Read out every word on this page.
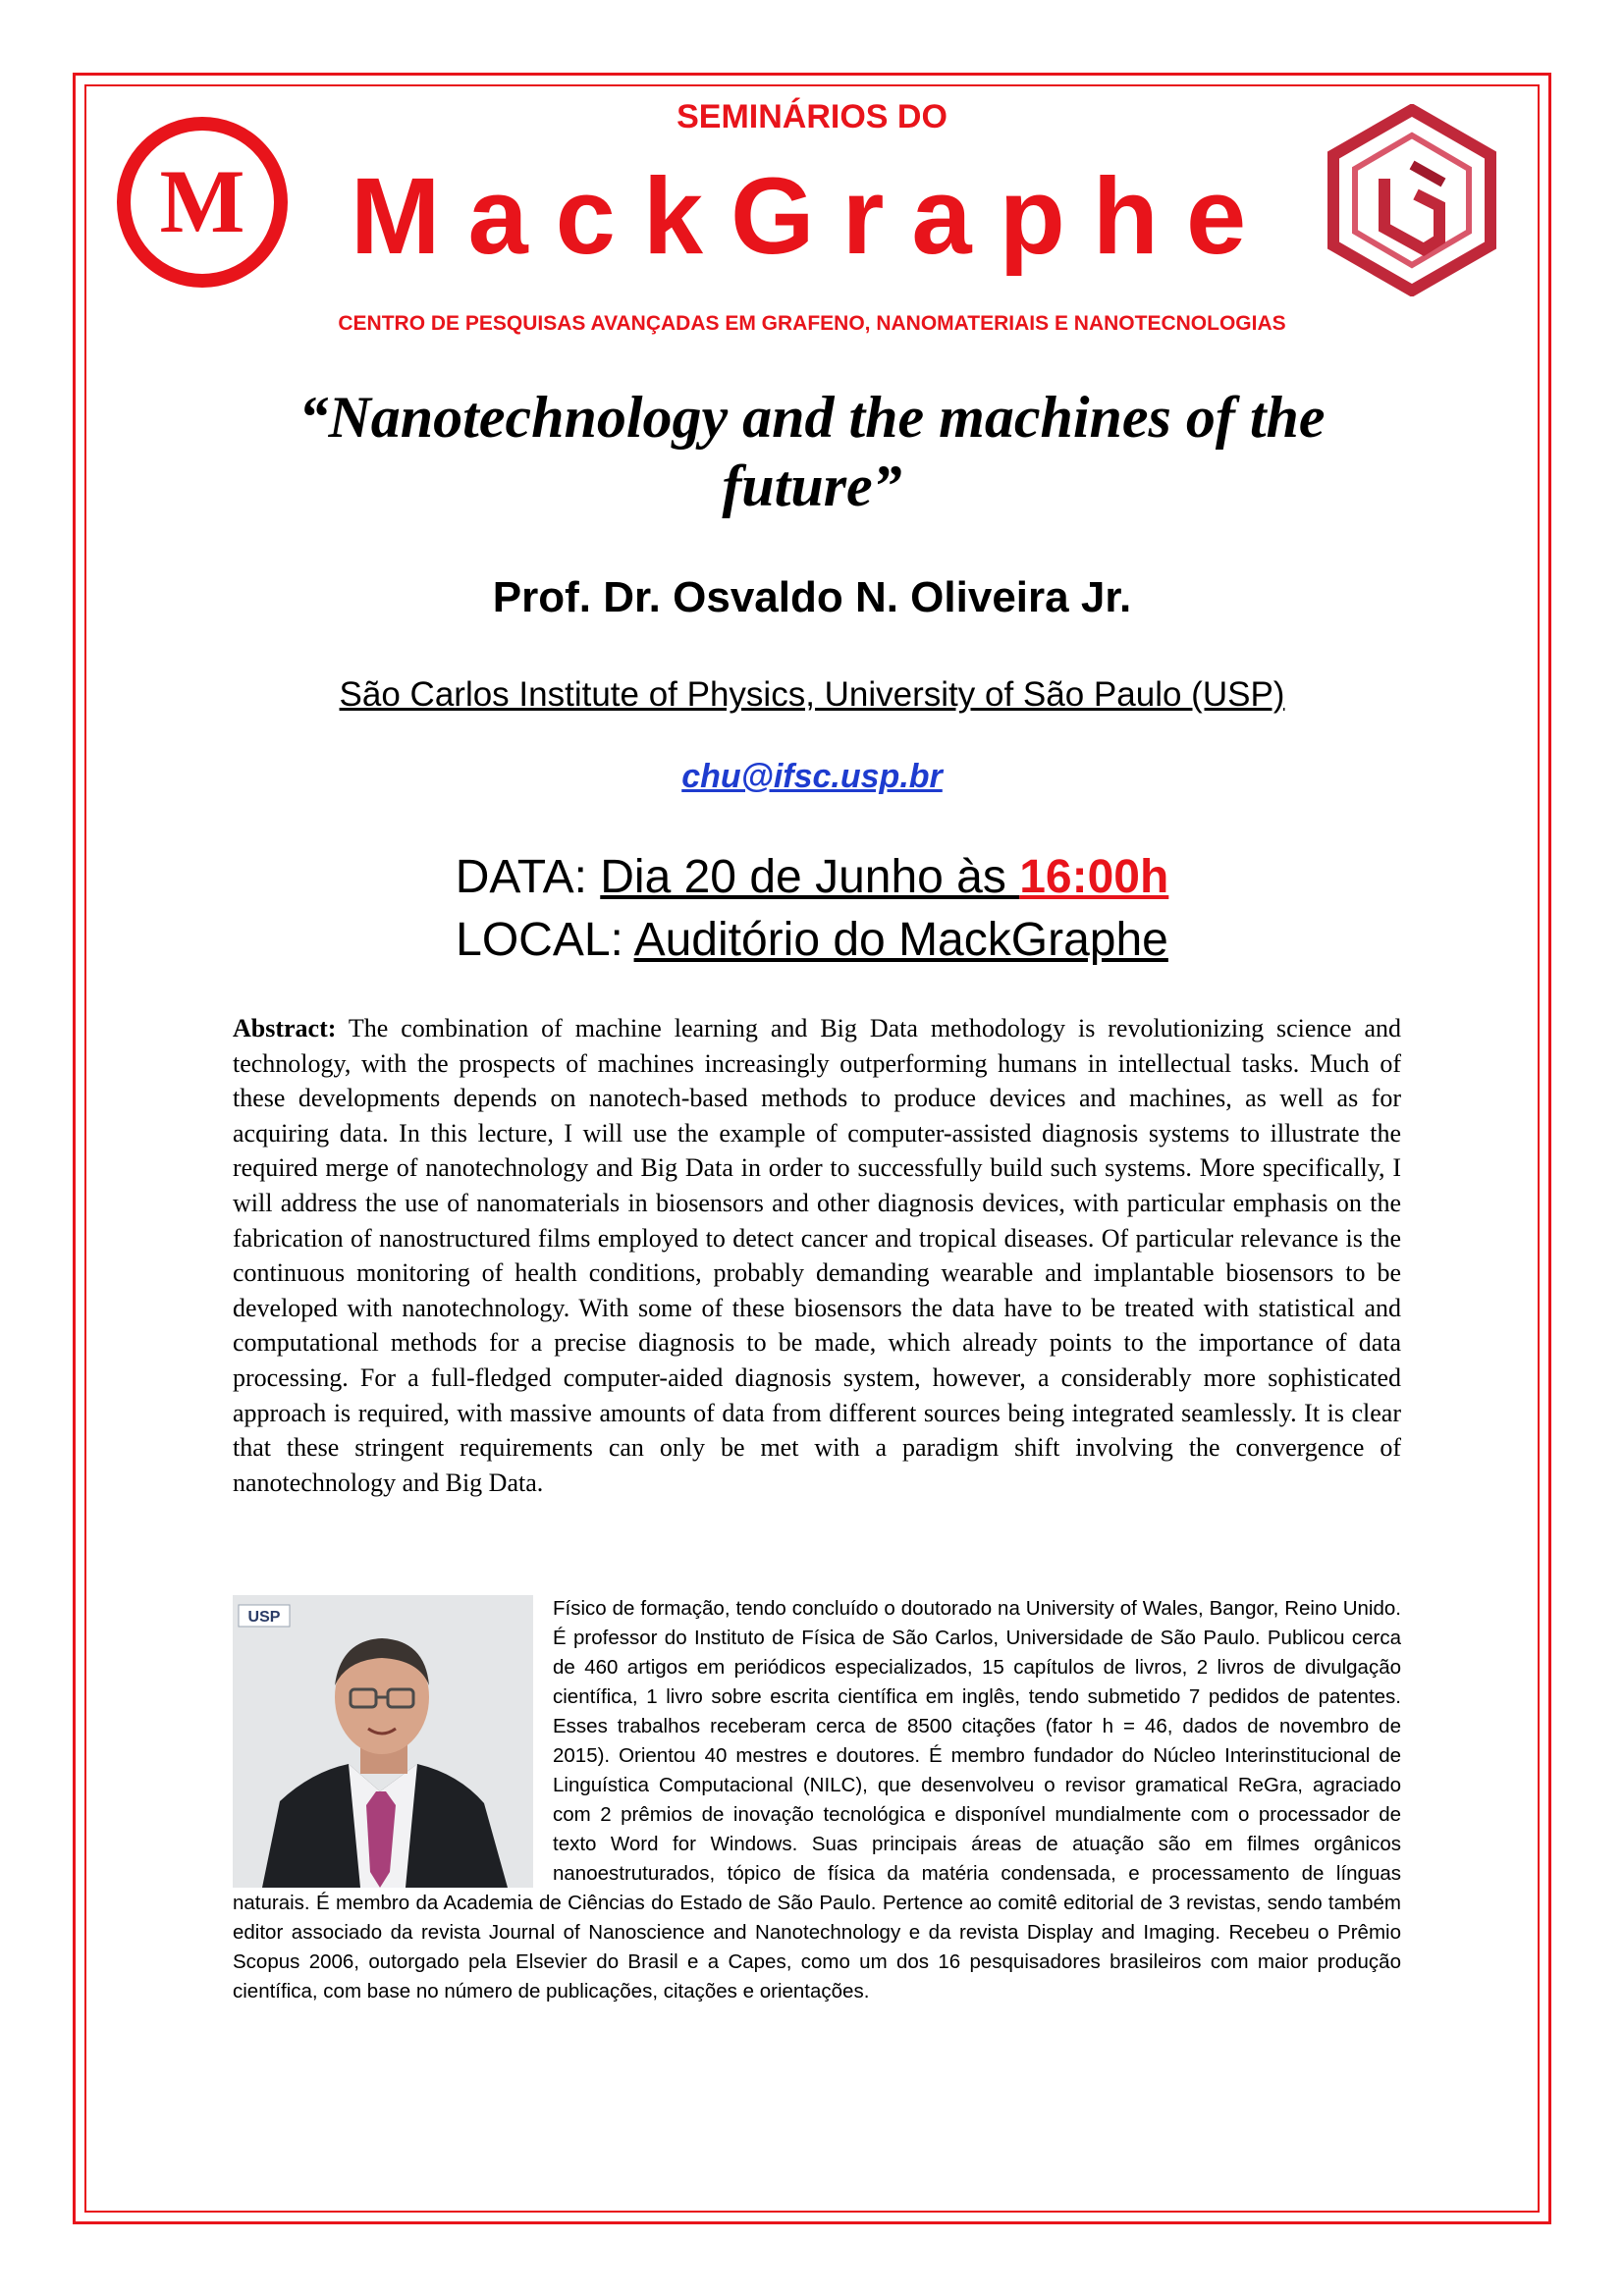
M
SEMINÁRIOS DO
MackGraphe
CENTRO DE PESQUISAS AVANÇADAS EM GRAFENO, NANOMATERIAIS E NANOTECNOLOGIAS
“Nanotechnology and the machines of the future”
Prof. Dr. Osvaldo N. Oliveira Jr.
São Carlos Institute of Physics, University of São Paulo (USP)
chu@ifsc.usp.br
DATA: Dia 20 de Junho às 16:00h
LOCAL: Auditório do MackGraphe
Abstract: The combination of machine learning and Big Data methodology is revolutionizing science and technology, with the prospects of machines increasingly outperforming humans in intellectual tasks. Much of these developments depends on nanotech-based methods to produce devices and machines, as well as for acquiring data. In this lecture, I will use the example of computer-assisted diagnosis systems to illustrate the required merge of nanotechnology and Big Data in order to successfully build such systems. More specifically, I will address the use of nanomaterials in biosensors and other diagnosis devices, with particular emphasis on the fabrication of nanostructured films employed to detect cancer and tropical diseases. Of particular relevance is the continuous monitoring of health conditions, probably demanding wearable and implantable biosensors to be developed with nanotechnology. With some of these biosensors the data have to be treated with statistical and computational methods for a precise diagnosis to be made, which already points to the importance of data processing. For a full-fledged computer-aided diagnosis system, however, a considerably more sophisticated approach is required, with massive amounts of data from different sources being integrated seamlessly. It is clear that these stringent requirements can only be met with a paradigm shift involving the convergence of nanotechnology and Big Data.
USP	Físico de formação, tendo concluído o doutorado na University of Wales, Bangor, Reino Unido. É professor do Instituto de Física de São Carlos, Universidade de São Paulo. Publicou cerca de 460 artigos em periódicos especializados, 15 capítulos de livros, 2 livros de divulgação científica, 1 livro sobre escrita científica em inglês, tendo submetido 7 pedidos de patentes. Esses trabalhos receberam cerca de 8500 citações (fator h = 46, dados de novembro de 2015). Orientou 40 mestres e doutores. É membro fundador do Núcleo Interinstitucional de Linguística Computacional (NILC), que desenvolveu o revisor gramatical ReGra, agraciado com 2 prêmios de inovação tecnológica e disponível mundialmente com o processador de texto Word for Windows. Suas principais áreas de atuação são em filmes orgânicos nanoestruturados, tópico de física da matéria condensada, e processamento de línguas naturais. É membro da Academia de Ciências do Estado de São Paulo. Pertence ao comitê editorial de 3 revistas, sendo também editor associado da revista Journal of Nanoscience and Nanotechnology e da revista Display and Imaging. Recebeu o Prêmio Scopus 2006, outorgado pela Elsevier do Brasil e a Capes, como um dos 16 pesquisadores brasileiros com maior produção científica, com base no número de publicações, citações e orientações.
